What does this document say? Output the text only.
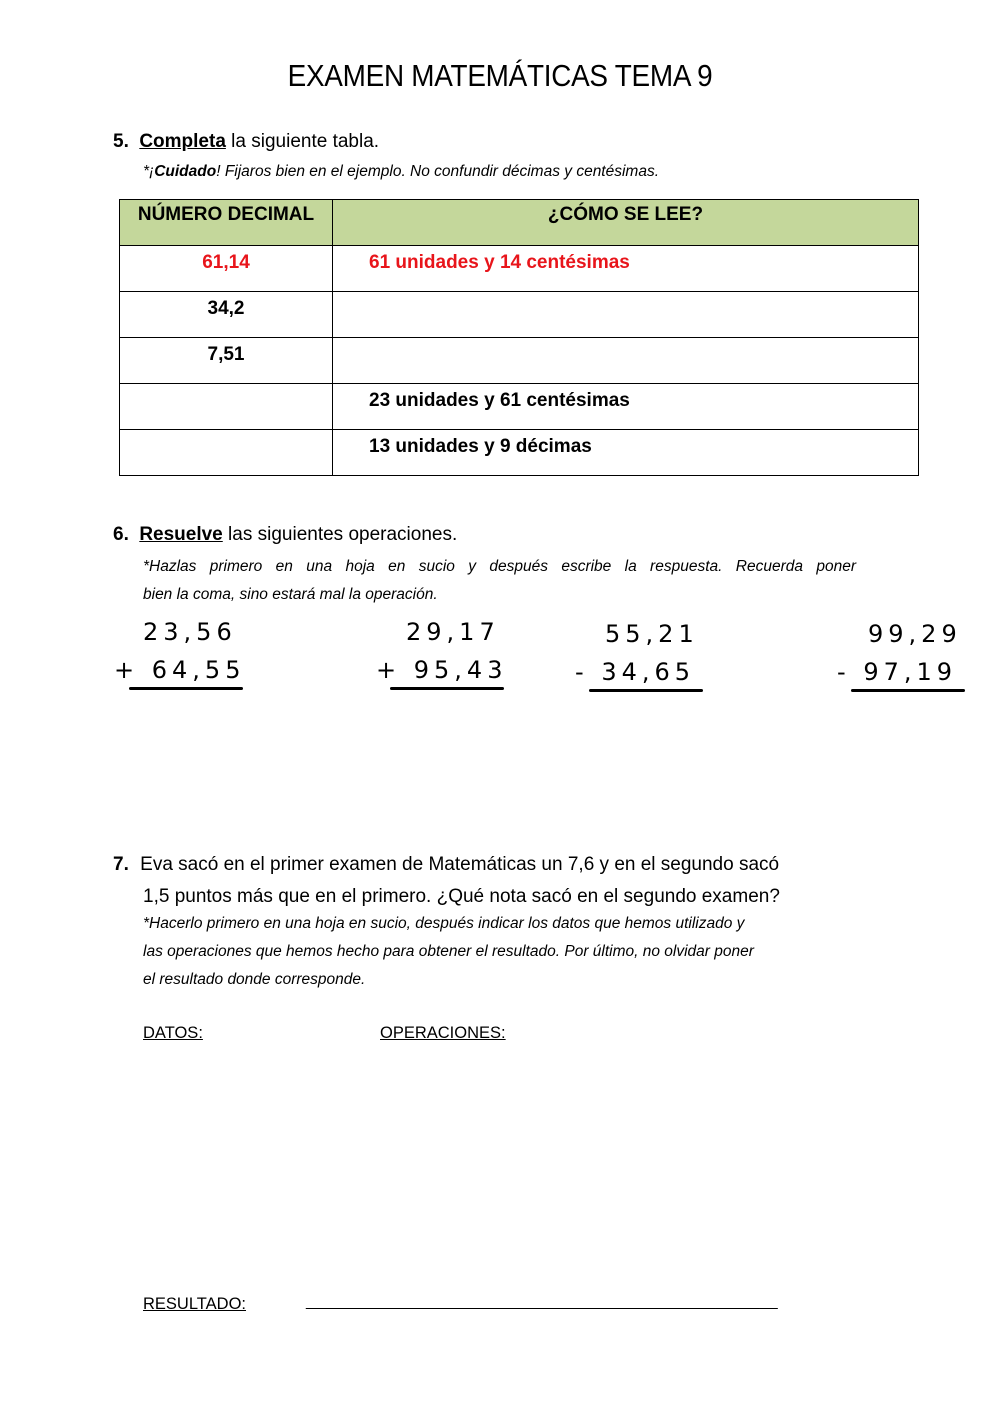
EXAMEN MATEMÁTICAS TEMA 9
5. Completa la siguiente tabla.
*¡Cuidado! Fijaros bien en el ejemplo. No confundir décimas y centésimas.
NÚMERO DECIMAL	¿CÓMO SE LEE?
61,14	61 unidades y 14 centésimas
34,2	
7,51	
	23 unidades y 61 centésimas
	13 unidades y 9 décimas
6. Resuelve las siguientes operaciones.
*Hazlas primero en una hoja en sucio y después escribe la respuesta. Recuerda poner
bien la coma, sino estará mal la operación.
23,56
+ 64,55
29,17
+ 95,43
55,21
- 34,65
99,29
- 97,19
7. Eva sacó en el primer examen de Matemáticas un 7,6 y en el segundo sacó
1,5 puntos más que en el primero. ¿Qué nota sacó en el segundo examen?
*Hacerlo primero en una hoja en sucio, después indicar los datos que hemos utilizado y
las operaciones que hemos hecho para obtener el resultado. Por último, no olvidar poner
el resultado donde corresponde.
DATOS:	OPERACIONES:
RESULTADO:	_____________________________________________________
